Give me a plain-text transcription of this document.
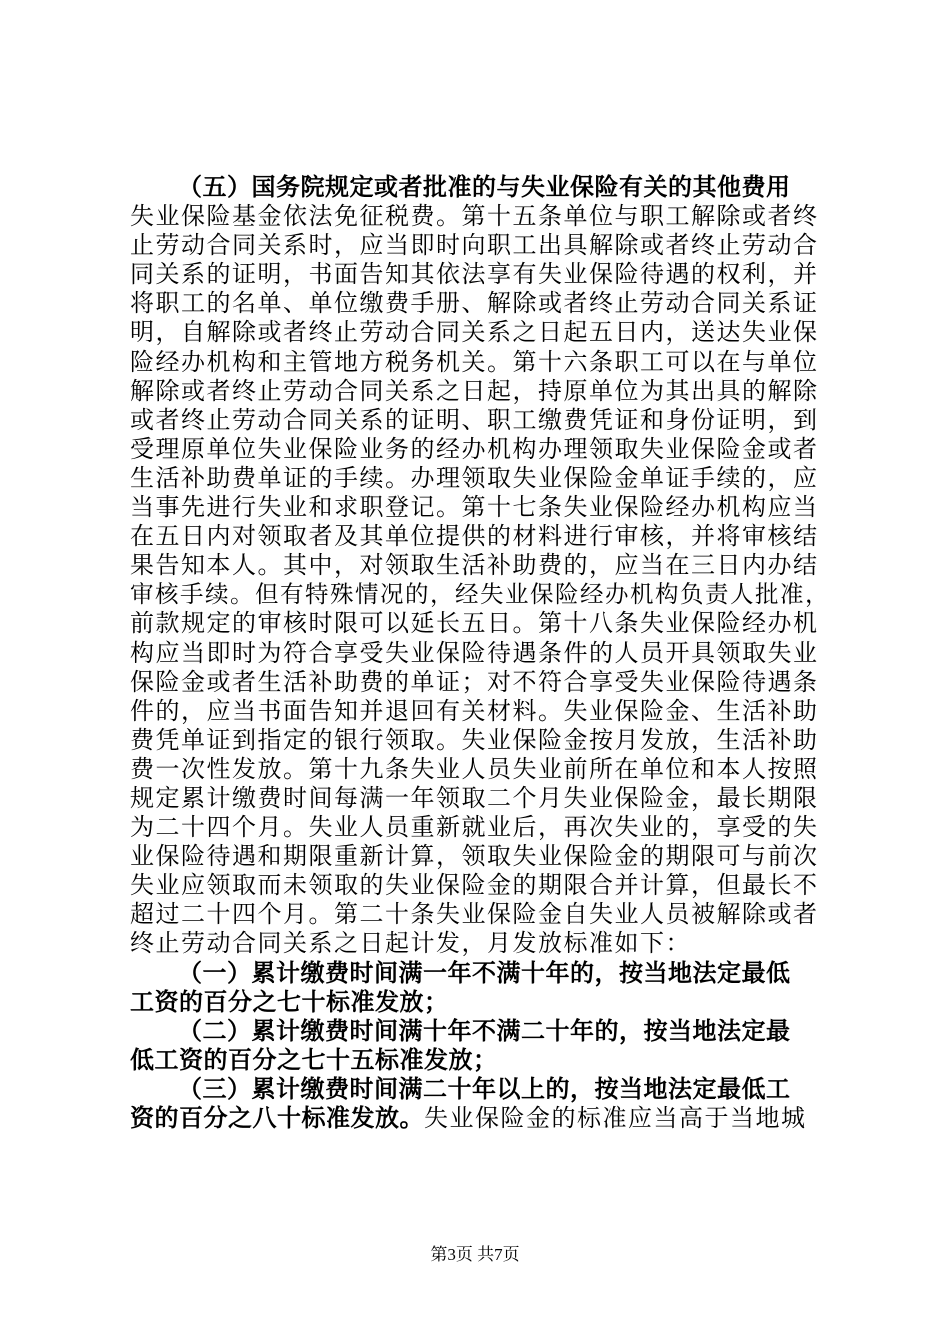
（五）国务院规定或者批准的与失业保险有关的其他费用
失业保险基金依法免征税费。第十五条单位与职工解除或者终
止劳动合同关系时，应当即时向职工出具解除或者终止劳动合
同关系的证明，书面告知其依法享有失业保险待遇的权利，并
将职工的名单、单位缴费手册、解除或者终止劳动合同关系证
明，自解除或者终止劳动合同关系之日起五日内，送达失业保
险经办机构和主管地方税务机关。第十六条职工可以在与单位
解除或者终止劳动合同关系之日起，持原单位为其出具的解除
或者终止劳动合同关系的证明、职工缴费凭证和身份证明，到
受理原单位失业保险业务的经办机构办理领取失业保险金或者
生活补助费单证的手续。办理领取失业保险金单证手续的，应
当事先进行失业和求职登记。第十七条失业保险经办机构应当
在五日内对领取者及其单位提供的材料进行审核，并将审核结
果告知本人。其中，对领取生活补助费的，应当在三日内办结
审核手续。但有特殊情况的，经失业保险经办机构负责人批准，
前款规定的审核时限可以延长五日。第十八条失业保险经办机
构应当即时为符合享受失业保险待遇条件的人员开具领取失业
保险金或者生活补助费的单证；对不符合享受失业保险待遇条
件的，应当书面告知并退回有关材料。失业保险金、生活补助
费凭单证到指定的银行领取。失业保险金按月发放，生活补助
费一次性发放。第十九条失业人员失业前所在单位和本人按照
规定累计缴费时间每满一年领取二个月失业保险金，最长期限
为二十四个月。失业人员重新就业后，再次失业的，享受的失
业保险待遇和期限重新计算，领取失业保险金的期限可与前次
失业应领取而未领取的失业保险金的期限合并计算，但最长不
超过二十四个月。第二十条失业保险金自失业人员被解除或者
终止劳动合同关系之日起计发，月发放标准如下：
（一）累计缴费时间满一年不满十年的，按当地法定最低
工资的百分之七十标准发放；
（二）累计缴费时间满十年不满二十年的，按当地法定最
低工资的百分之七十五标准发放；
（三）累计缴费时间满二十年以上的，按当地法定最低工
资的百分之八十标准发放。失业保险金的标准应当高于当地城
第3页 共7页
